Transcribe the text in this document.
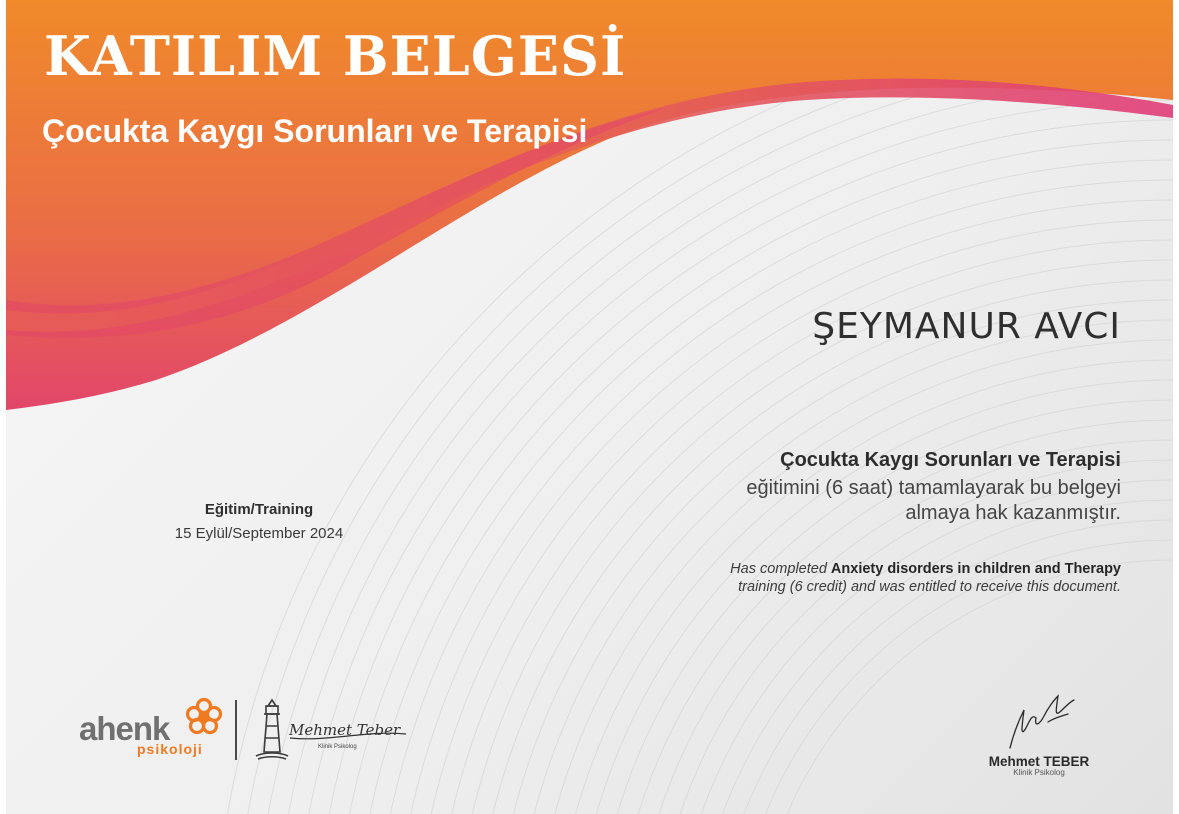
KATILIM BELGESİ
Çocukta Kaygı Sorunları ve Terapisi
ŞEYMANUR AVCI
Çocukta Kaygı Sorunları ve Terapisi
eğitimini (6 saat) tamamlayarak bu belgeyi
almaya hak kazanmıştır.
Has completed Anxiety disorders in children and Therapy
training (6 credit) and was entitled to receive this document.
Eğitim/Training
15 Eylül/September 2024
ahenk
psikoloji
Mehmet Teber
Klinik Psikolog
Mehmet TEBER
Klinik Psikolog
